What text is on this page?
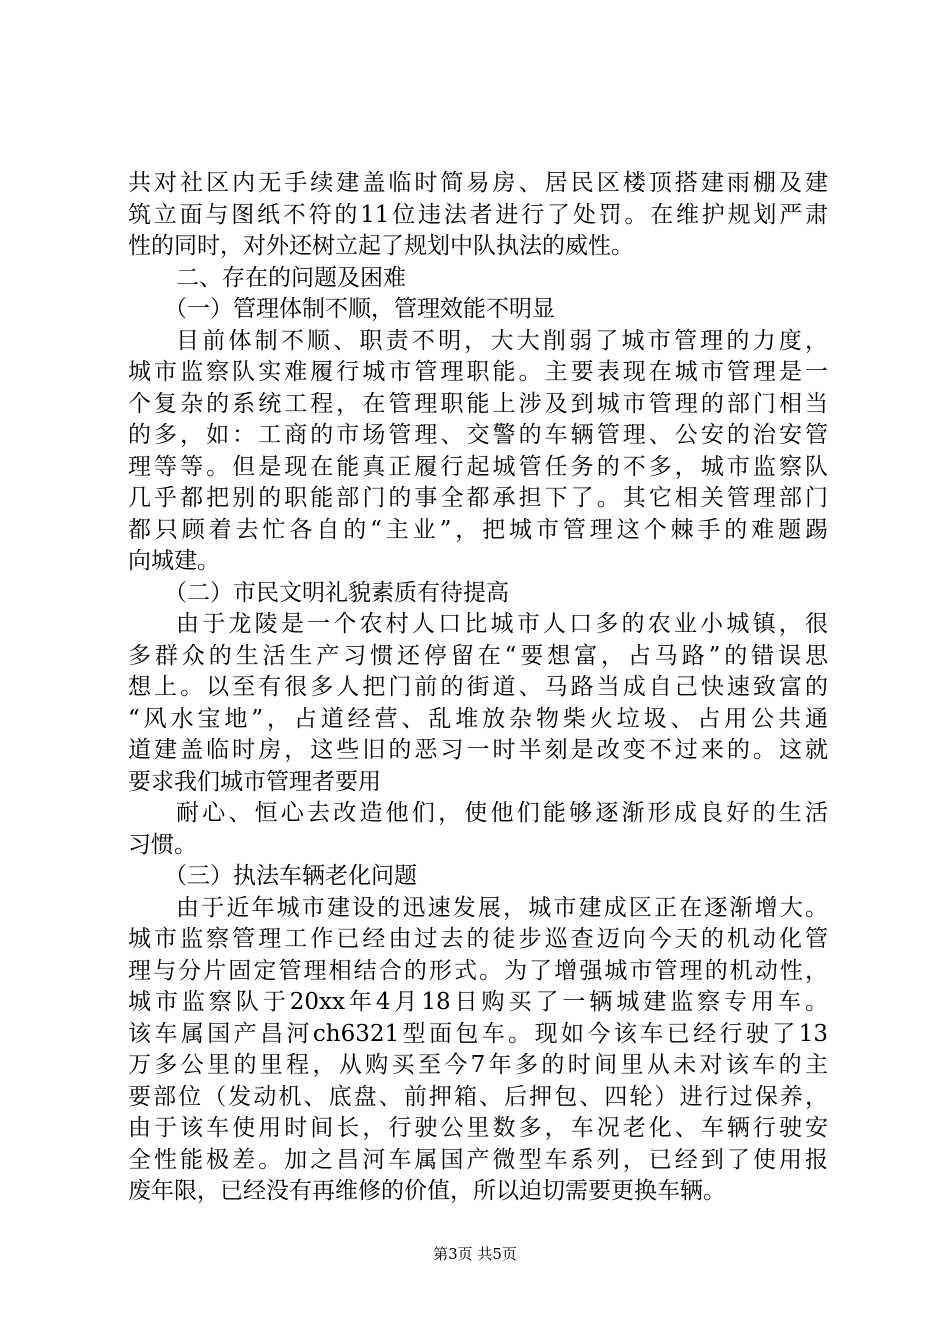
共对社区内无手续建盖临时简易房、居民区楼顶搭建雨棚及建
筑立面与图纸不符的11位违法者进行了处罚。在维护规划严肃
性的同时，对外还树立起了规划中队执法的威性。
二、存在的问题及困难
（一）管理体制不顺，管理效能不明显
目前体制不顺、职责不明，大大削弱了城市管理的力度，
城市监察队实难履行城市管理职能。主要表现在城市管理是一
个复杂的系统工程，在管理职能上涉及到城市管理的部门相当
的多，如：工商的市场管理、交警的车辆管理、公安的治安管
理等等。但是现在能真正履行起城管任务的不多，城市监察队
几乎都把别的职能部门的事全都承担下了。其它相关管理部门
都只顾着去忙各自的“主业”，把城市管理这个棘手的难题踢
向城建。
（二）市民文明礼貌素质有待提高
由于龙陵是一个农村人口比城市人口多的农业小城镇，很
多群众的生活生产习惯还停留在“要想富，占马路”的错误思
想上。以至有很多人把门前的街道、马路当成自己快速致富的
“风水宝地”，占道经营、乱堆放杂物柴火垃圾、占用公共通
道建盖临时房，这些旧的恶习一时半刻是改变不过来的。这就
要求我们城市管理者要用
耐心、恒心去改造他们，使他们能够逐渐形成良好的生活
习惯。
（三）执法车辆老化问题
由于近年城市建设的迅速发展，城市建成区正在逐渐增大。
城市监察管理工作已经由过去的徒步巡查迈向今天的机动化管
理与分片固定管理相结合的形式。为了增强城市管理的机动性，
城市监察队于20xx年4月18日购买了一辆城建监察专用车。
该车属国产昌河ch6321型面包车。现如今该车已经行驶了13
万多公里的里程，从购买至今7年多的时间里从未对该车的主
要部位（发动机、底盘、前押箱、后押包、四轮）进行过保养，
由于该车使用时间长，行驶公里数多，车况老化、车辆行驶安
全性能极差。加之昌河车属国产微型车系列，已经到了使用报
废年限，已经没有再维修的价值，所以迫切需要更换车辆。
第3页 共5页
